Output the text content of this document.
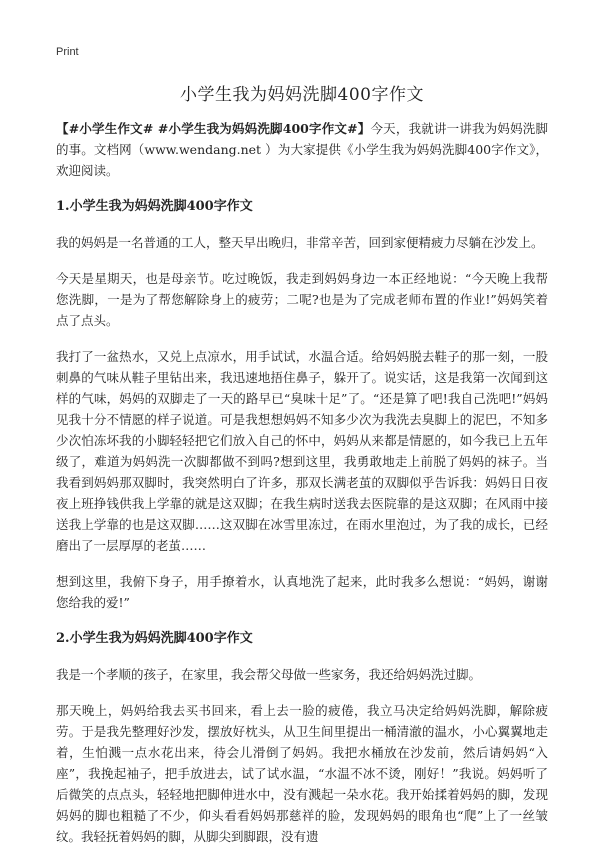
Print
小学生我为妈妈洗脚400字作文

【#小学生作文# #小学生我为妈妈洗脚400字作文#】今天，我就讲一讲我为妈妈洗脚的事。文档网（www.wendang.net ）为大家提供《小学生我为妈妈洗脚400字作文》，欢迎阅读。

1.小学生我为妈妈洗脚400字作文

我的妈妈是一名普通的工人，整天早出晚归，非常辛苦，回到家便精疲力尽躺在沙发上。

今天是星期天，也是母亲节。吃过晚饭，我走到妈妈身边一本正经地说：“今天晚上我帮您洗脚，一是为了帮您解除身上的疲劳；二呢?也是为了完成老师布置的作业!”妈妈笑着点了点头。

我打了一盆热水，又兑上点凉水，用手试试，水温合适。给妈妈脱去鞋子的那一刻，一股刺鼻的气味从鞋子里钻出来，我迅速地捂住鼻子，躲开了。说实话，这是我第一次闻到这样的气味，妈妈的双脚走了一天的路早已“臭味十足”了。“还是算了吧!我自己洗吧!”妈妈见我十分不情愿的样子说道。可是我想想妈妈不知多少次为我洗去臭脚上的泥巴，不知多少次怕冻坏我的小脚轻轻把它们放入自己的怀中，妈妈从来都是情愿的，如今我已上五年级了，难道为妈妈洗一次脚都做不到吗?想到这里，我勇敢地走上前脱了妈妈的袜子。当我看到妈妈那双脚时，我突然明白了许多，那双长满老茧的双脚似乎告诉我：妈妈日日夜夜上班挣钱供我上学靠的就是这双脚；在我生病时送我去医院靠的是这双脚；在风雨中接送我上学靠的也是这双脚……这双脚在冰雪里冻过，在雨水里泡过，为了我的成长，已经磨出了一层厚厚的老茧……

想到这里，我俯下身子，用手撩着水，认真地洗了起来，此时我多么想说：“妈妈，谢谢您给我的爱!”

2.小学生我为妈妈洗脚400字作文

我是一个孝顺的孩子，在家里，我会帮父母做一些家务，我还给妈妈洗过脚。

那天晚上，妈妈给我去买书回来，看上去一脸的疲倦，我立马决定给妈妈洗脚，解除疲劳。于是我先整理好沙发，摆放好枕头，从卫生间里提出一桶清澈的温水，小心翼翼地走着，生怕溅一点水花出来，待会儿滑倒了妈妈。我把水桶放在沙发前，然后请妈妈“入座”，我挽起袖子，把手放进去，试了试水温，“水温不冰不烫，刚好！”我说。妈妈听了后微笑的点点头，轻轻地把脚伸进水中，没有溅起一朵水花。我开始揉着妈妈的脚，发现妈妈的脚也粗糙了不少，仰头看看妈妈那慈祥的脸，发现妈妈的眼角也“爬”上了一丝皱纹。我轻抚着妈妈的脚，从脚尖到脚跟，没有遗
